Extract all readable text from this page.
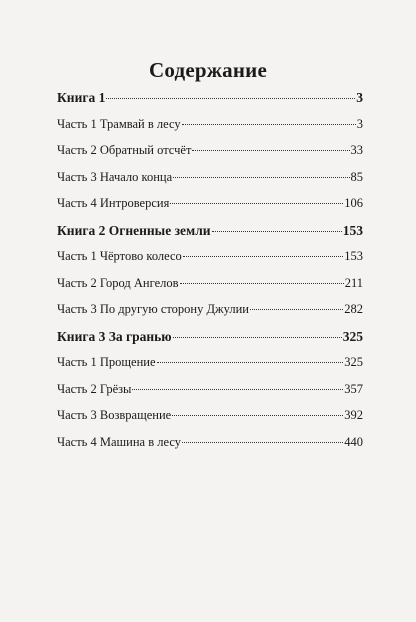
Содержание
Книга 1	3
Часть 1 Трамвай в лесу	3
Часть 2 Обратный отсчёт	33
Часть 3 Начало конца	85
Часть 4 Интроверсия	106
Книга 2 Огненные земли	153
Часть 1 Чёртово колесо	153
Часть 2 Город Ангелов	211
Часть 3 По другую сторону Джулии	282
Книга 3 За гранью	325
Часть 1 Прощение	325
Часть 2 Грёзы	357
Часть 3 Возвращение	392
Часть 4 Машина в лесу	440
